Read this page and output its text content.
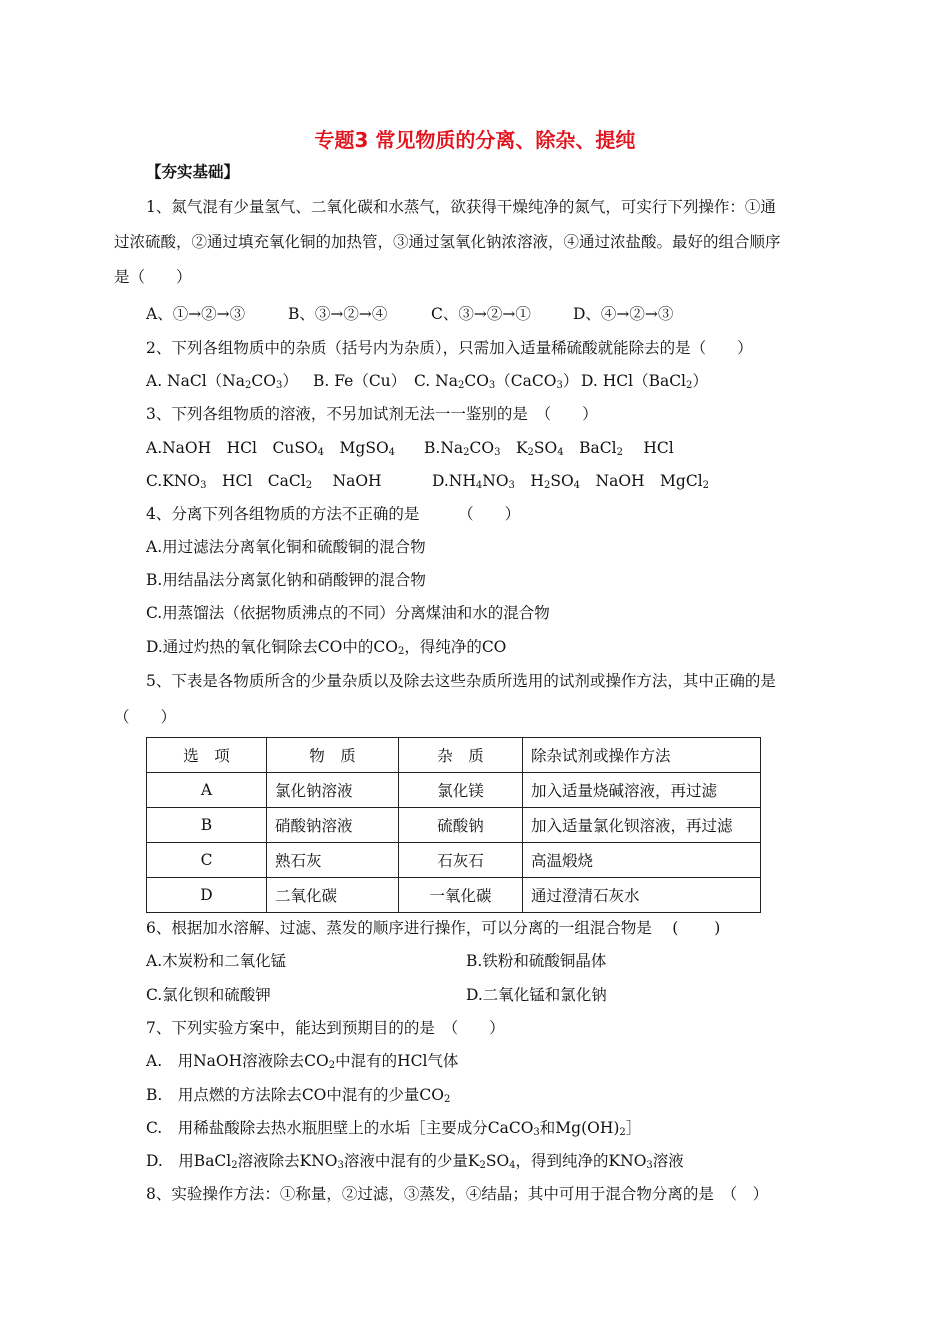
专题3 常见物质的分离、除杂、提纯
【夯实基础】
1、氮气混有少量氢气、二氧化碳和水蒸气，欲获得干燥纯净的氮气，可实行下列操作：①通
过浓硫酸，②通过填充氧化铜的加热管，③通过氢氧化钠浓溶液，④通过浓盐酸。最好的组合顺序
是（　　）
A、①→②→③	B、③→②→④	C、③→②→①	D、④→②→③
2、下列各组物质中的杂质（括号内为杂质），只需加入适量稀硫酸就能除去的是（　　）
A. $NaCl(Na_2CO_3)$ B. Fe（Cu） C. $Na_2CO_3(CaCO_3)$ D. HCl（BaCl$_2$）
3、下列各组物质的溶液，不另加试剂无法一一鉴别的是　（　　）
A.NaOH　HCl　CuSO$_4$　MgSO$_4$ $B.Na_2CO_3$　$K_2SO_4$　BaCl$_2$　 HCl
$C.KNO_3$　HCl　CaCl$_2$　 NaOH	$D.NH_4NO_3$　$H_2SO_4$　NaOH　MgCl$_2$
4、分离下列各组物质的方法不正确的是　　　（　　）
A.用过滤法分离氧化铜和硫酸铜的混合物
B.用结晶法分离氯化钠和硝酸钾的混合物
C.用蒸馏法（依据物质沸点的不同）分离煤油和水的混合物
D.通过灼热的氧化铜除去CO中的$CO_2$，得纯净的CO
5、下表是各物质所含的少量杂质以及除去这些杂质所选用的试剂或操作方法，其中正确的是
（　　）
选　项	物　质	杂　质	除杂试剂或操作方法
A	氯化钠溶液	氯化镁	加入适量烧碱溶液，再过滤
B	硝酸钠溶液	硫酸钠	加入适量氯化钡溶液，再过滤
C	熟石灰	石灰石	高温煅烧
D	二氧化碳	一氧化碳	通过澄清石灰水
6、根据加水溶解、过滤、蒸发的顺序进行操作，可以分离的一组混合物是　 (　　 )
A.木炭粉和二氧化锰	B.铁粉和硫酸铜晶体
C.氯化钡和硫酸钾	D.二氧化锰和氯化钠
7、下列实验方案中，能达到预期目的的是　（　　）
A.　用NaOH溶液除去$CO_2$中混有的HCl气体
B.　用点燃的方法除去CO中混有的少量$CO_2$
C.　用稀盐酸除去热水瓶胆壁上的水垢［主要成分CaCO$_3$和$Mg(OH)_2]$
D.　用BaCl$_2$溶液除去$KNO_3$溶液中混有的少量$K_2SO_4$，得到纯净的$KNO_3$溶液
8、实验操作方法：①称量，②过滤，③蒸发，④结晶；其中可用于混合物分离的是　（　）
